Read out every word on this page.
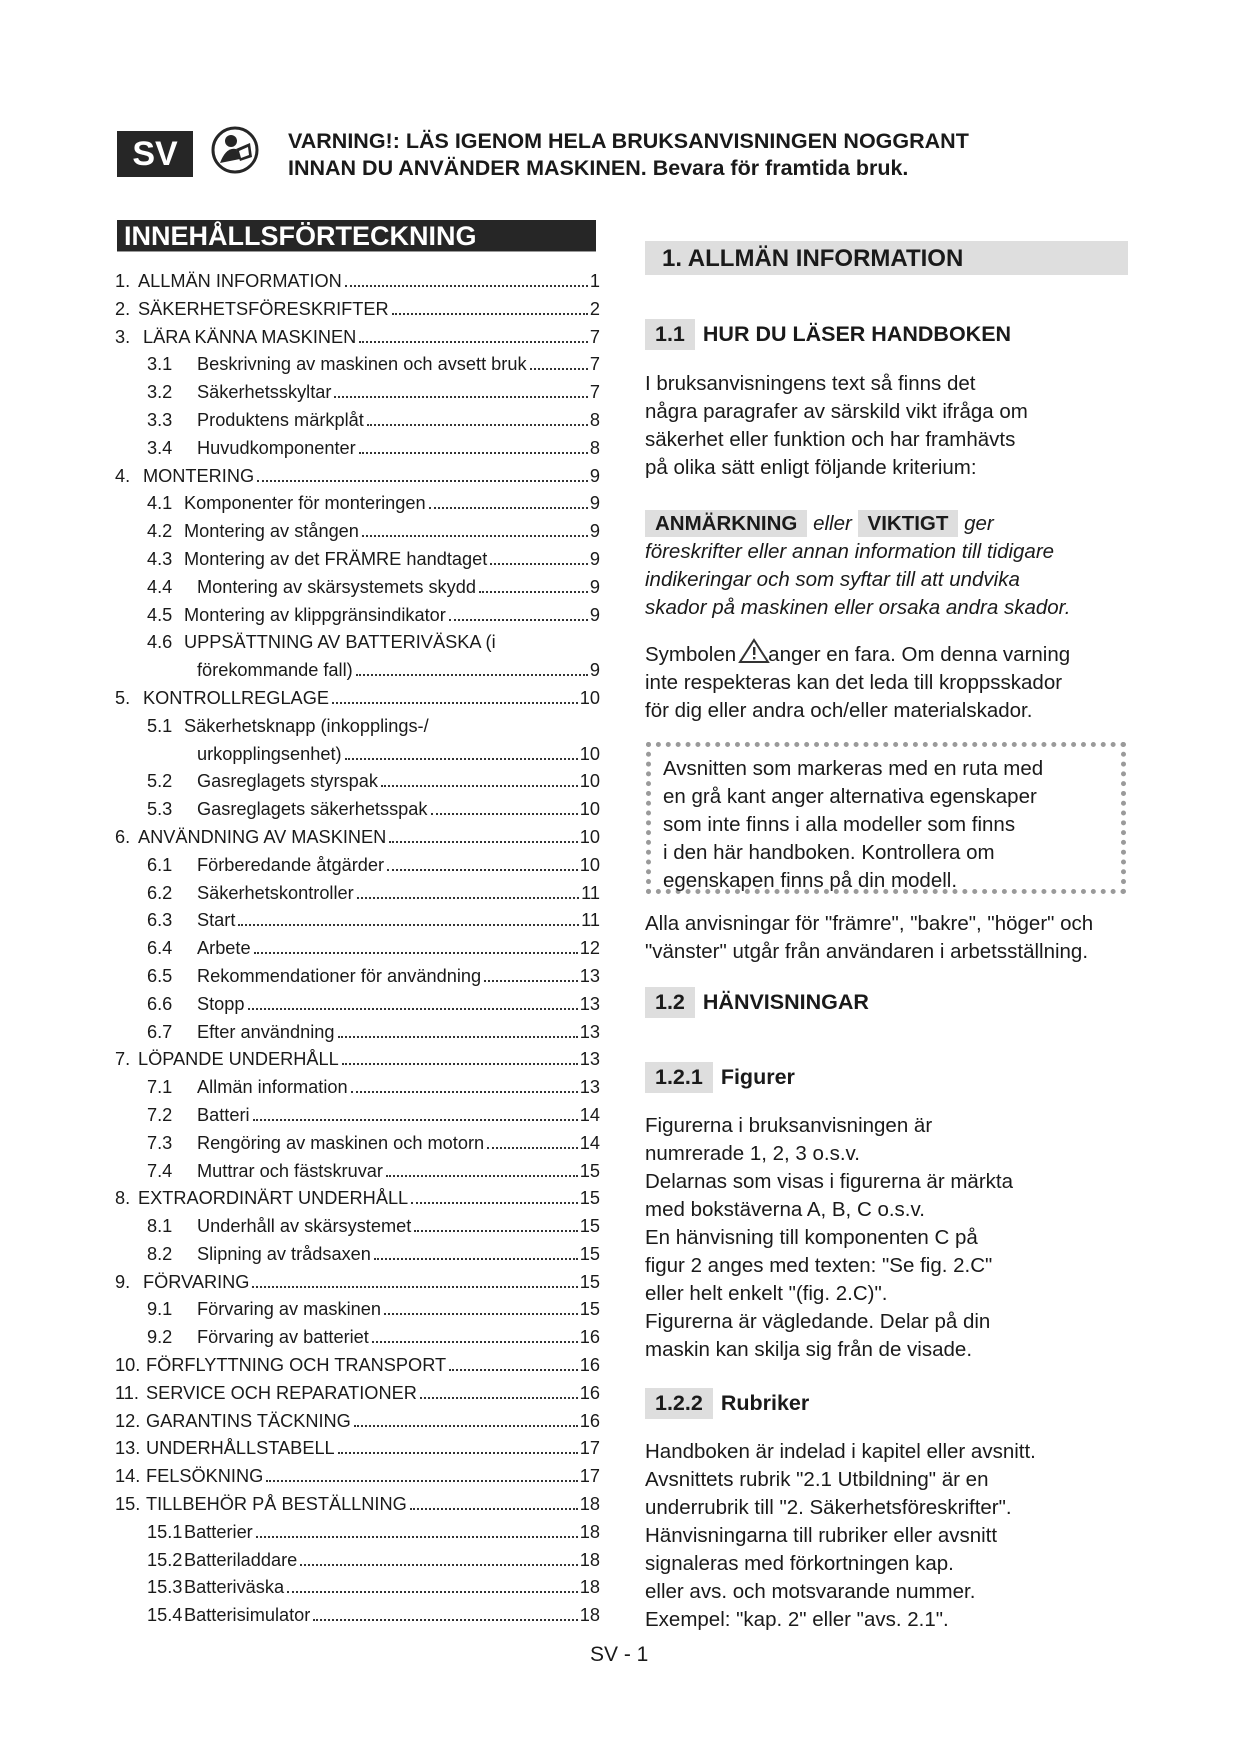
SV	VARNING!: LÄS IGENOM HELA BRUKSANVISNINGEN NOGGRANT
INNAN DU ANVÄNDER MASKINEN. Bevara för framtida bruk.
INNEHÅLLSFÖRTECKNING
1. ALLMÄN INFORMATION	1
2. SÄKERHETSFÖRESKRIFTER	2
3. LÄRA KÄNNA MASKINEN	7
3.1	Beskrivning av maskinen och avsett bruk	7
3.2	Säkerhetsskyltar	7
3.3	Produktens märkplåt	8
3.4	Huvudkomponenter	8
4. MONTERING	9
4.1 Komponenter för monteringen	9
4.2 Montering av stången	9
4.3 Montering av det FRÄMRE handtaget	9
4.4	Montering av skärsystemets skydd	9
4.5 Montering av klippgränsindikator	9
4.6 UPPSÄTTNING AV BATTERIVÄSKA (i
förekommande fall)	9
5. KONTROLLREGLAGE	10
5.1 Säkerhetsknapp (inkopplings-/
urkopplingsenhet)	10
5.2	Gasreglagets styrspak	10
5.3	Gasreglagets säkerhetsspak	10
6. ANVÄNDNING AV MASKINEN	10
6.1	Förberedande åtgärder	10
6.2	Säkerhetskontroller	11
6.3	Start	11
6.4	Arbete	12
6.5	Rekommendationer för användning	13
6.6	Stopp	13
6.7	Efter användning	13
7. LÖPANDE UNDERHÅLL	13
7.1	Allmän information	13
7.2	Batteri	14
7.3	Rengöring av maskinen och motorn	14
7.4	Muttrar och fästskruvar	15
8. EXTRAORDINÄRT UNDERHÅLL	15
8.1	Underhåll av skärsystemet	15
8.2	Slipning av trådsaxen	15
9. FÖRVARING	15
9.1	Förvaring av maskinen	15
9.2	Förvaring av batteriet	16
10. FÖRFLYTTNING OCH TRANSPORT	16
11. SERVICE OCH REPARATIONER	16
12. GARANTINS TÄCKNING	16
13. UNDERHÅLLSTABELL	17
14. FELSÖKNING	17
15. TILLBEHÖR PÅ BESTÄLLNING	18
15.1 Batterier	18
15.2 Batteriladdare	18
15.3 Batteriväska	18
15.4 Batterisimulator	18
1. ALLMÄN INFORMATION
1.1 HUR DU LÄSER HANDBOKEN
I bruksanvisningens text så finns det
några paragrafer av särskild vikt ifråga om
säkerhet eller funktion och har framhävts
på olika sätt enligt följande kriterium:
ANMÄRKNING eller VIKTIGT ger
föreskrifter eller annan information till tidigare
indikeringar och som syftar till att undvika
skador på maskinen eller orsaka andra skador.
Symbolen anger en fara. Om denna varning
inte respekteras kan det leda till kroppsskador
för dig eller andra och/eller materialskador.
Avsnitten som markeras med en ruta med
en grå kant anger alternativa egenskaper
som inte finns i alla modeller som finns
i den här handboken. Kontrollera om
egenskapen finns på din modell.
Alla anvisningar för "främre", "bakre", "höger" och
"vänster" utgår från användaren i arbetsställning.
1.2 HÄNVISNINGAR
1.2.1 Figurer
Figurerna i bruksanvisningen är
numrerade 1, 2, 3 o.s.v.
Delarnas som visas i figurerna är märkta
med bokstäverna A, B, C o.s.v.
En hänvisning till komponenten C på
figur 2 anges med texten: "Se fig. 2.C"
eller helt enkelt "(fig. 2.C)".
Figurerna är vägledande. Delar på din
maskin kan skilja sig från de visade.
1.2.2 Rubriker
Handboken är indelad i kapitel eller avsnitt.
Avsnittets rubrik "2.1 Utbildning" är en
underrubrik till "2. Säkerhetsföreskrifter".
Hänvisningarna till rubriker eller avsnitt
signaleras med förkortningen kap.
eller avs. och motsvarande nummer.
Exempel: "kap. 2" eller "avs. 2.1".
SV - 1
